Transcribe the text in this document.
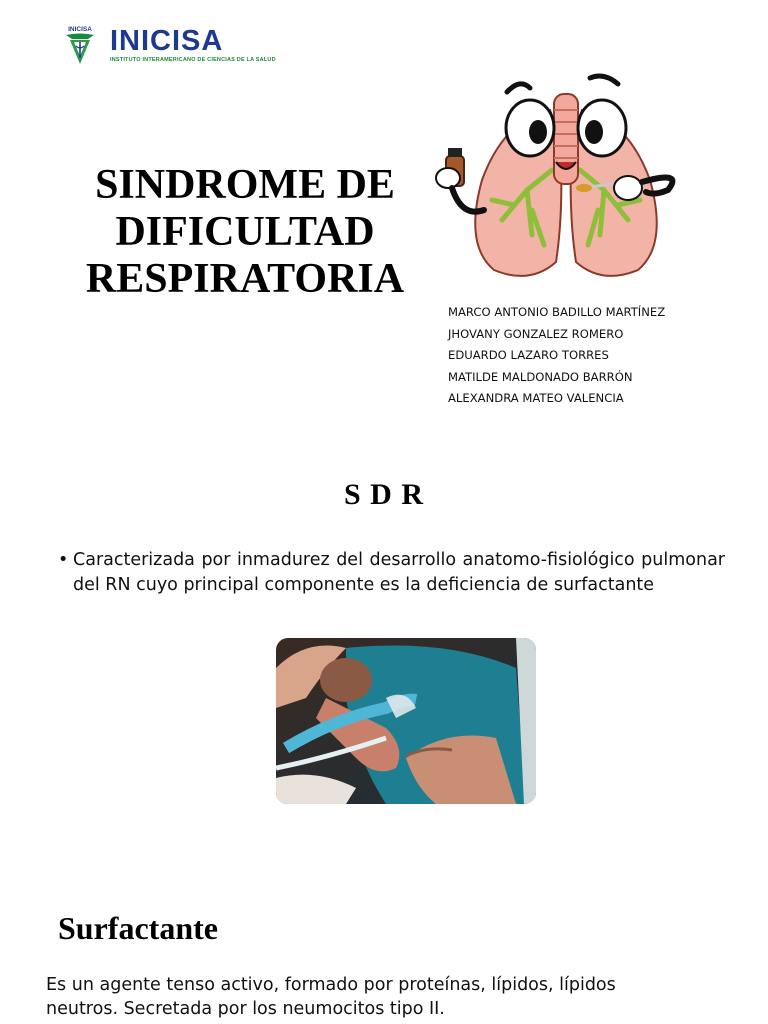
INICISA INICISA
INSTITUTO INTERAMERICANO DE CIENCIAS DE LA SALUD
SINDROME DE
DIFICULTAD
RESPIRATORIA
MARCO ANTONIO BADILLO MARTÍNEZ
JHOVANY GONZALEZ ROMERO
EDUARDO LAZARO TORRES
MATILDE MALDONADO BARRÓN
ALEXANDRA MATEO VALENCIA
S D R

• Caracterizada por inmadurez del desarrollo anatomo-fisiológico pulmonar del RN cuyo principal componente es la deficiencia de surfactante

Surfactante

Es un agente tenso activo, formado por proteínas, lípidos, lípidos neutros. Secretada por los neumocitos tipo II.
